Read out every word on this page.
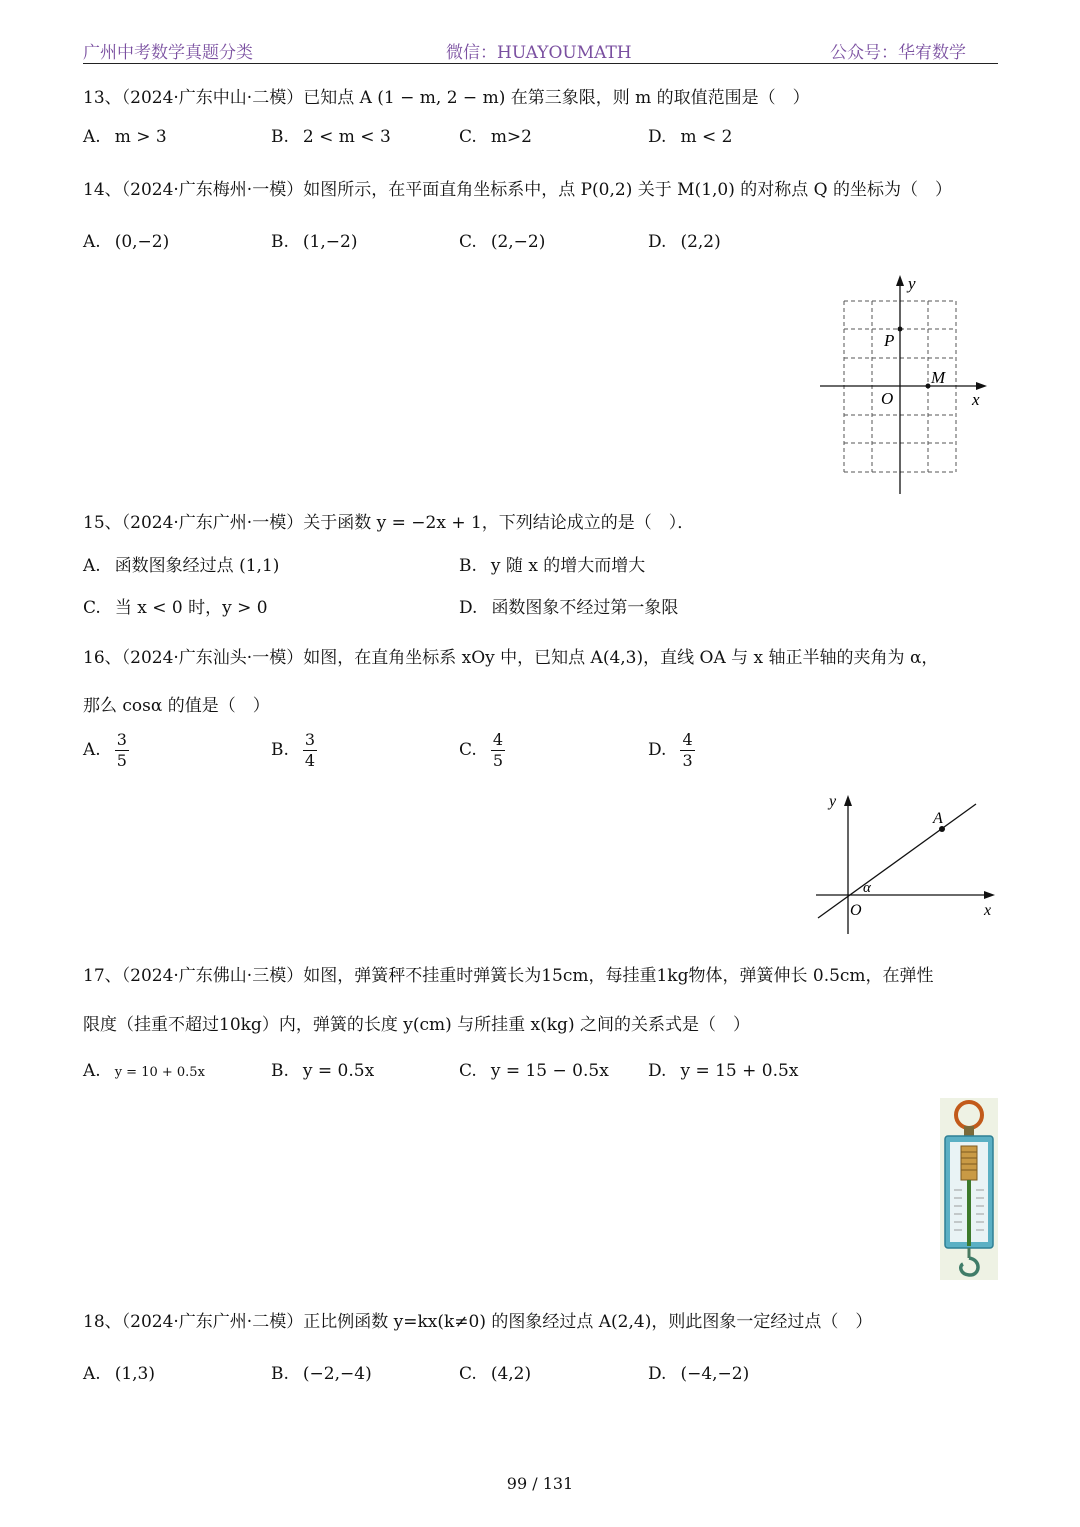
广州中考数学真题分类	微信：HUAYOUMATH	公众号：华宥数学
13、（2024·广东中山·二模）已知点 A (1 − m, 2 − m) 在第三象限，则 m 的取值范围是（　）
A. m > 3	B. 2 < m < 3	C. m>2	D. m < 2
14、（2024·广东梅州·一模）如图所示，在平面直角坐标系中，点 P(0,2) 关于 M(1,0) 的对称点 Q 的坐标为（　）
A. (0,−2)	B. (1,−2)	C. (2,−2)	D. (2,2)
y
x
O
P
M
15、（2024·广东广州·一模）关于函数 y = −2x + 1，下列结论成立的是（　）．
A. 函数图象经过点 (1,1)	B. y 随 x 的增大而增大
C. 当 x < 0 时，y > 0	D. 函数图象不经过第一象限
16、（2024·广东汕头·一模）如图，在直角坐标系 xOy 中，已知点 A(4,3)，直线 OA 与 x 轴正半轴的夹角为 α，
那么 cosα 的值是（　）
A. $\frac{3}{5}$	B. $\frac{3}{4}$	C. $\frac{4}{5}$	D. $\frac{4}{3}$
y
x
O
A
α
17、（2024·广东佛山·三模）如图，弹簧秤不挂重时弹簧长为15cm，每挂重1kg物体，弹簧伸长 0.5cm，在弹性
限度（挂重不超过10kg）内，弹簧的长度 y(cm) 与所挂重 x(kg) 之间的关系式是（　）
A. y = 10 + 0.5x	B. y = 0.5x	C. y = 15 − 0.5x D. y = 15 + 0.5x
18、（2024·广东广州·二模）正比例函数 y=kx(k≠0) 的图象经过点 A(2,4)，则此图象一定经过点（　）
A. (1,3)	B. (−2,−4)	C. (4,2)	D. (−4,−2)
99 / 131
